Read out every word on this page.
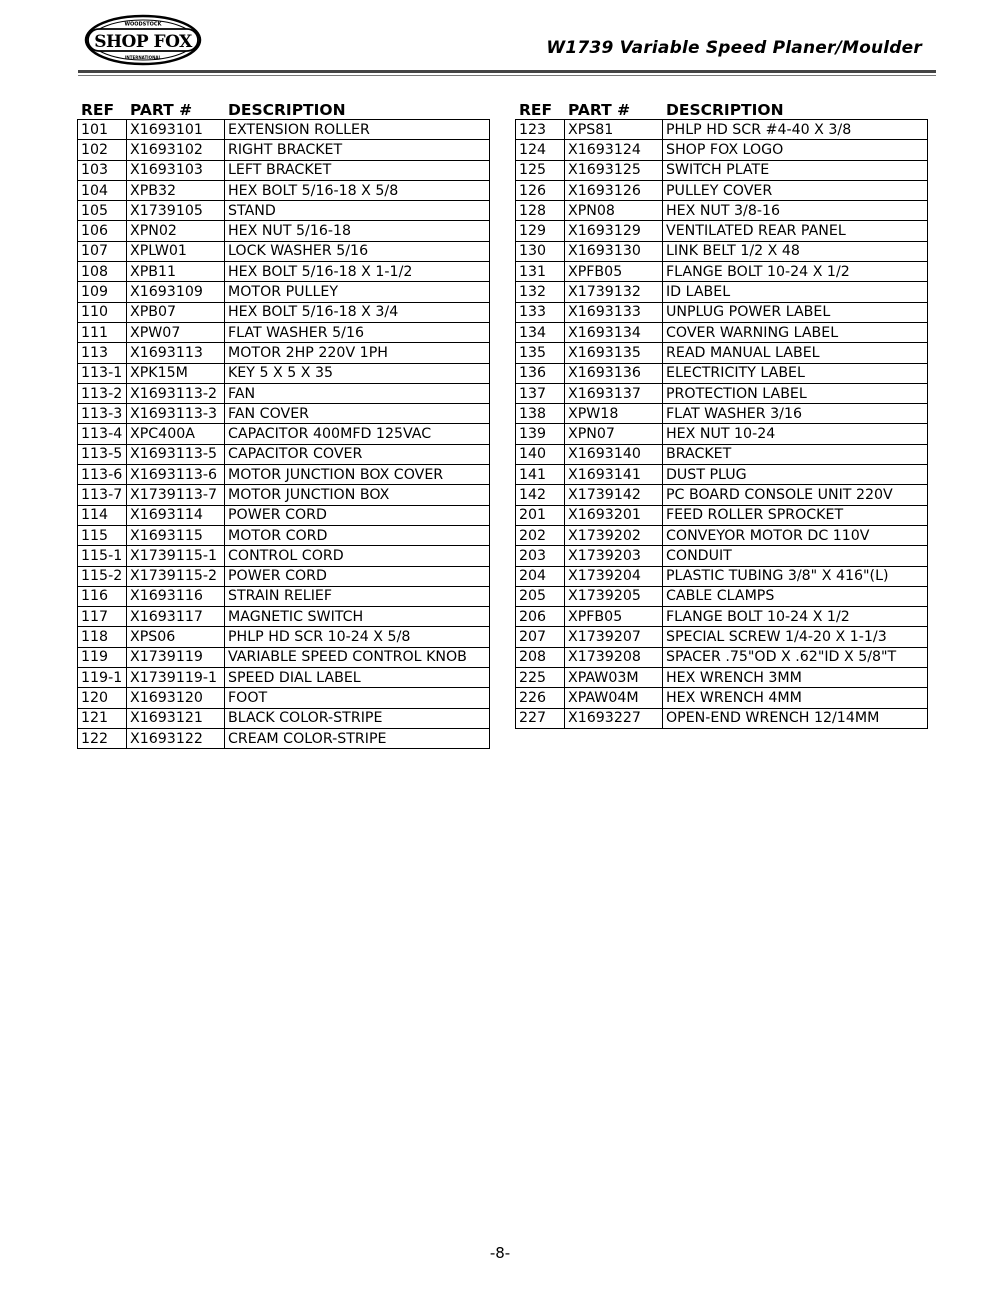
WOODSTOCK
SHOP FOX
INTERNATIONAL	W1739 Variable Speed Planer/Moulder
REF	PART #	DESCRIPTION
101	X1693101	EXTENSION ROLLER
102	X1693102	RIGHT BRACKET
103	X1693103	LEFT BRACKET
104	XPB32	HEX BOLT 5/16-18 X 5/8
105	X1739105	STAND
106	XPN02	HEX NUT 5/16-18
107	XPLW01	LOCK WASHER 5/16
108	XPB11	HEX BOLT 5/16-18 X 1-1/2
109	X1693109	MOTOR PULLEY
110	XPB07	HEX BOLT 5/16-18 X 3/4
111	XPW07	FLAT WASHER 5/16
113	X1693113	MOTOR 2HP 220V 1PH
113-1	XPK15M	KEY 5 X 5 X 35
113-2	X1693113-2	FAN
113-3	X1693113-3	FAN COVER
113-4	XPC400A	CAPACITOR 400MFD 125VAC
113-5	X1693113-5	CAPACITOR COVER
113-6	X1693113-6	MOTOR JUNCTION BOX COVER
113-7	X1739113-7	MOTOR JUNCTION BOX
114	X1693114	POWER CORD
115	X1693115	MOTOR CORD
115-1	X1739115-1	CONTROL CORD
115-2	X1739115-2	POWER CORD
116	X1693116	STRAIN RELIEF
117	X1693117	MAGNETIC SWITCH
118	XPS06	PHLP HD SCR 10-24 X 5/8
119	X1739119	VARIABLE SPEED CONTROL KNOB
119-1	X1739119-1	SPEED DIAL LABEL
120	X1693120	FOOT
121	X1693121	BLACK COLOR-STRIPE
122	X1693122	CREAM COLOR-STRIPE
REF	PART #	DESCRIPTION
123	XPS81	PHLP HD SCR #4-40 X 3/8
124	X1693124	SHOP FOX LOGO
125	X1693125	SWITCH PLATE
126	X1693126	PULLEY COVER
128	XPN08	HEX NUT 3/8-16
129	X1693129	VENTILATED REAR PANEL
130	X1693130	LINK BELT 1/2 X 48
131	XPFB05	FLANGE BOLT 10-24 X 1/2
132	X1739132	ID LABEL
133	X1693133	UNPLUG POWER LABEL
134	X1693134	COVER WARNING LABEL
135	X1693135	READ MANUAL LABEL
136	X1693136	ELECTRICITY LABEL
137	X1693137	PROTECTION LABEL
138	XPW18	FLAT WASHER 3/16
139	XPN07	HEX NUT 10-24
140	X1693140	BRACKET
141	X1693141	DUST PLUG
142	X1739142	PC BOARD CONSOLE UNIT 220V
201	X1693201	FEED ROLLER SPROCKET
202	X1739202	CONVEYOR MOTOR DC 110V
203	X1739203	CONDUIT
204	X1739204	PLASTIC TUBING 3/8" X 416"(L)
205	X1739205	CABLE CLAMPS
206	XPFB05	FLANGE BOLT 10-24 X 1/2
207	X1739207	SPECIAL SCREW 1/4-20 X 1-1/3
208	X1739208	SPACER .75"OD X .62"ID X 5/8"T
225	XPAW03M	HEX WRENCH 3MM
226	XPAW04M	HEX WRENCH 4MM
227	X1693227	OPEN-END WRENCH 12/14MM
-8-
